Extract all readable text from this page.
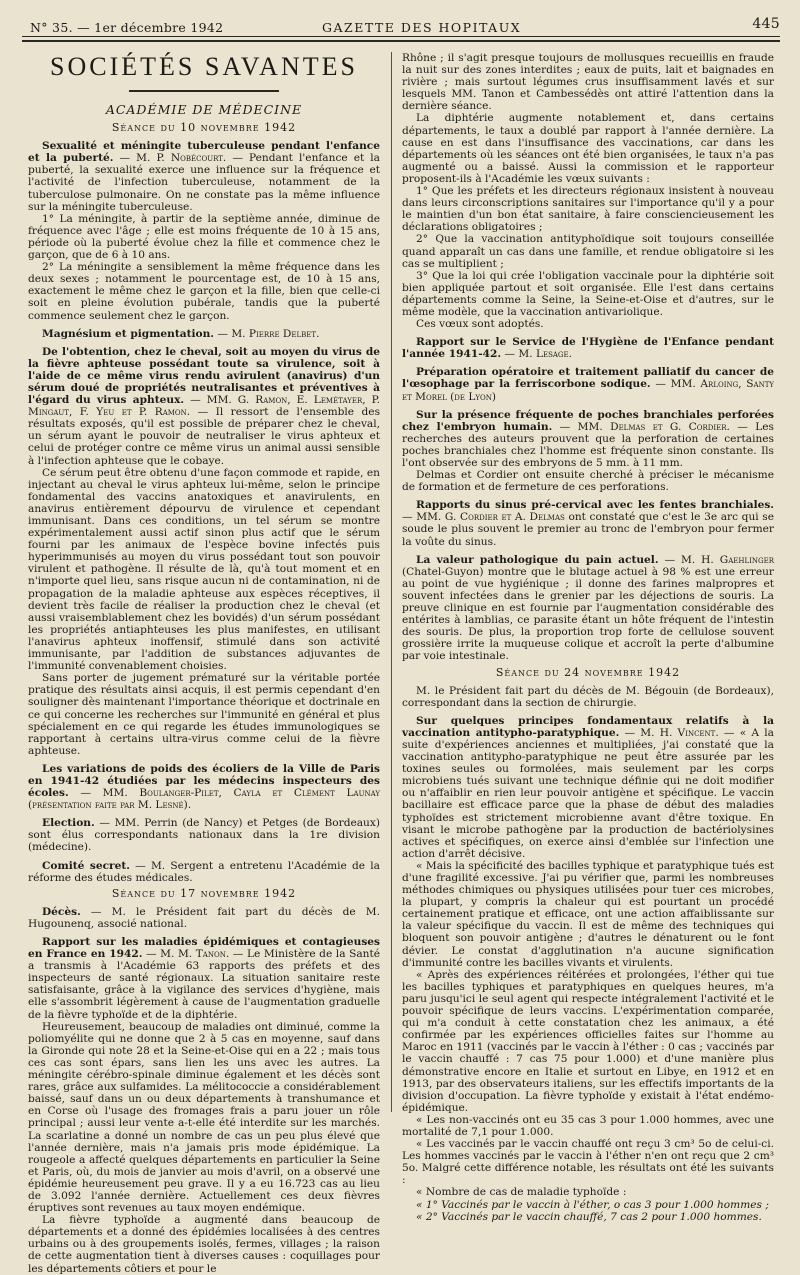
N° 35. — 1er décembre 1942	GAZETTE DES HOPITAUX	445
SOCIÉTÉS SAVANTES
ACADÉMIE DE MÉDECINE
Séance du 10 novembre 1942

Sexualité et méningite tuberculeuse pendant l'enfance et la puberté. — M. P. Nobécourt. — Pendant l'enfance et la puberté, la sexualité exerce une influence sur la fréquence et l'activité de l'infection tuberculeuse, notamment de la tuberculose pulmonaire. On ne constate pas la même influence sur la méningite tuberculeuse.

1° La méningite, à partir de la septième année, diminue de fréquence avec l'âge ; elle est moins fréquente de 10 à 15 ans, période où la puberté évolue chez la fille et commence chez le garçon, que de 6 à 10 ans.

2° La méningite a sensiblement la même fréquence dans les deux sexes ; notamment le pourcentage est, de 10 à 15 ans, exactement le même chez le garçon et la fille, bien que celle-ci soit en pleine évolution pubérale, tandis que la puberté commence seulement chez le garçon.

Magnésium et pigmentation. — M. Pierre Delbet.

De l'obtention, chez le cheval, soit au moyen du virus de la fièvre aphteuse possédant toute sa virulence, soit à l'aide de ce même virus rendu avirulent (anavirus) d'un sérum doué de propriétés neutralisantes et préventives à l'égard du virus aphteux. — MM. G. Ramon, E. Lemétayer, P. Mingaut, F. Yeu et P. Ramon. — Il ressort de l'ensemble des résultats exposés, qu'il est possible de préparer chez le cheval, un sérum ayant le pouvoir de neutraliser le virus aphteux et celui de protéger contre ce même virus un animal aussi sensible à l'infection aphteuse que le cobaye.

Ce sérum peut être obtenu d'une façon commode et rapide, en injectant au cheval le virus aphteux lui-même, selon le principe fondamental des vaccins anatoxiques et anavirulents, en anavirus entièrement dépourvu de virulence et cependant immunisant. Dans ces conditions, un tel sérum se montre expérimentalement aussi actif sinon plus actif que le sérum fourni par les animaux de l'espèce bovine infectés puis hyperimmunisés au moyen du virus possédant tout son pouvoir virulent et pathogène. Il résulte de là, qu'à tout moment et en n'importe quel lieu, sans risque aucun ni de contamination, ni de propagation de la maladie aphteuse aux espèces réceptives, il devient très facile de réaliser la production chez le cheval (et aussi vraisemblablement chez les bovidés) d'un sérum possédant les propriétés antiaphteuses les plus manifestes, en utilisant l'anavirus aphteux inoffensif, stimulé dans son activité immunisante, par l'addition de substances adjuvantes de l'immunité convenablement choisies.

Sans porter de jugement prématuré sur la véritable portée pratique des résultats ainsi acquis, il est permis cependant d'en souligner dès maintenant l'importance théorique et doctrinale en ce qui concerne les recherches sur l'immunité en général et plus spécialement en ce qui regarde les études immunologiques se rapportant à certains ultra-virus comme celui de la fièvre aphteuse.

Les variations de poids des écoliers de la Ville de Paris en 1941-42 étudiées par les médecins inspecteurs des écoles. — MM. Boulanger-Pilet, Cayla et Clément Launay (présentation faite par M. Lesné).

Election. — MM. Perrin (de Nancy) et Petges (de Bordeaux) sont élus correspondants nationaux dans la 1re division (médecine).

Comité secret. — M. Sergent a entretenu l'Académie de la réforme des études médicales.

Séance du 17 novembre 1942

Décès. — M. le Président fait part du décès de M. Hugounenq, associé national.

Rapport sur les maladies épidémiques et contagieuses en France en 1942. — M. M. Tanon. — Le Ministère de la Santé a transmis à l'Académie 63 rapports des préfets et des inspecteurs de santé régionaux. La situation sanitaire reste satisfaisante, grâce à la vigilance des services d'hygiène, mais elle s'assombrit légèrement à cause de l'augmentation graduelle de la fièvre typhoïde et de la diphtérie.

Heureusement, beaucoup de maladies ont diminué, comme la poliomyélite qui ne donne que 2 à 5 cas en moyenne, sauf dans la Gironde qui note 28 et la Seine-et-Oise qui en a 22 ; mais tous ces cas sont épars, sans lien les uns avec les autres. La méningite cérébro-spinale diminue également et les décès sont rares, grâce aux sulfamides. La mélitococcie a considérablement baissé, sauf dans un ou deux départements à transhumance et en Corse où l'usage des fromages frais a paru jouer un rôle principal ; aussi leur vente a-t-elle été interdite sur les marchés. La scarlatine a donné un nombre de cas un peu plus élevé que l'année dernière, mais n'a jamais pris mode épidémique. La rougeole a affecté quelques départements en particulier la Seine et Paris, où, du mois de janvier au mois d'avril, on a observé une épidémie heureusement peu grave. Il y a eu 16.723 cas au lieu de 3.092 l'année dernière. Actuellement ces deux fièvres éruptives sont revenues au taux moyen endémique.

La fièvre typhoïde a augmenté dans beaucoup de départements et a donné des épidémies localisées à des centres urbains ou à des groupements isolés, fermes, villages ; la raison de cette augmentation tient à diverses causes : coquillages pour les départements côtiers et pour le

Rhône ; il s'agit presque toujours de mollusques recueillis en fraude la nuit sur des zones interdites ; eaux de puits, lait et baignades en rivière ; mais surtout légumes crus insuffisamment lavés et sur lesquels MM. Tanon et Cambessédès ont attiré l'attention dans la dernière séance.

La diphtérie augmente notablement et, dans certains départements, le taux a doublé par rapport à l'année dernière. La cause en est dans l'insuffisance des vaccinations, car dans les départements où les séances ont été bien organisées, le taux n'a pas augmenté ou a baissé. Aussi la commission et le rapporteur proposent-ils à l'Académie les vœux suivants :

1° Que les préfets et les directeurs régionaux insistent à nouveau dans leurs circonscriptions sanitaires sur l'importance qu'il y a pour le maintien d'un bon état sanitaire, à faire consciencieusement les déclarations obligatoires ;

2° Que la vaccination antityphoïdique soit toujours conseillée quand apparaît un cas dans une famille, et rendue obligatoire si les cas se multiplient ;

3° Que la loi qui crée l'obligation vaccinale pour la diphtérie soit bien appliquée partout et soit organisée. Elle l'est dans certains départements comme la Seine, la Seine-et-Oise et d'autres, sur le même modèle, que la vaccination antivariolique.

Ces vœux sont adoptés.

Rapport sur le Service de l'Hygiène de l'Enfance pendant l'année 1941-42. — M. Lesage.

Préparation opératoire et traitement palliatif du cancer de l'œsophage par la ferriscorbone sodique. — MM. Arloing, Santy et Morel (de Lyon)

Sur la présence fréquente de poches branchiales perforées chez l'embryon humain. — MM. Delmas et G. Cordier. — Les recherches des auteurs prouvent que la perforation de certaines poches branchiales chez l'homme est fréquente sinon constante. Ils l'ont observée sur des embryons de 5 mm. à 11 mm.

Delmas et Cordier ont ensuite cherché à préciser le mécanisme de formation et de fermeture de ces perforations.

Rapports du sinus pré-cervical avec les fentes branchiales. — MM. G. Cordier et A. Delmas ont constaté que c'est le 3e arc qui se soude le plus souvent le premier au tronc de l'embryon pour fermer la voûte du sinus.

La valeur pathologique du pain actuel. — M. H. Gaehlinger (Chatel-Guyon) montre que le blutage actuel à 98 % est une erreur au point de vue hygiénique ; il donne des farines malpropres et souvent infectées dans le grenier par les déjections de souris. La preuve clinique en est fournie par l'augmentation considérable des entérites à lamblias, ce parasite étant un hôte fréquent de l'intestin des souris. De plus, la proportion trop forte de cellulose souvent grossière irrite la muqueuse colique et accroît la perte d'albumine par voie intestinale.

Séance du 24 novembre 1942

M. le Président fait part du décès de M. Bégouin (de Bordeaux), correspondant dans la section de chirurgie.

Sur quelques principes fondamentaux relatifs à la vaccination antitypho-paratyphique. — M. H. Vincent. — « A la suite d'expériences anciennes et multipliées, j'ai constaté que la vaccination antitypho-paratyphique ne peut être assurée par les toxines seules ou formolées, mais seulement par les corps microbiens tués suivant une technique définie qui ne doit modifier ou n'affaiblir en rien leur pouvoir antigène et spécifique. Le vaccin bacillaire est efficace parce que la phase de début des maladies typhoïdes est strictement microbienne avant d'être toxique. En visant le microbe pathogène par la production de bactériolysines actives et spécifiques, on exerce ainsi d'emblée sur l'infection une action d'arrêt décisive.

« Mais la spécificité des bacilles typhique et paratyphique tués est d'une fragilité excessive. J'ai pu vérifier que, parmi les nombreuses méthodes chimiques ou physiques utilisées pour tuer ces microbes, la plupart, y compris la chaleur qui est pourtant un procédé certainement pratique et efficace, ont une action affaiblissante sur la valeur spécifique du vaccin. Il est de même des techniques qui bloquent son pouvoir antigène ; d'autres le dénaturent ou le font dévier. Le constat d'agglutination n'a aucune signification d'immunité contre les bacilles vivants et virulents.

« Après des expériences réitérées et prolongées, l'éther qui tue les bacilles typhiques et paratyphiques en quelques heures, m'a paru jusqu'ici le seul agent qui respecte intégralement l'activité et le pouvoir spécifique de leurs vaccins. L'expérimentation comparée, qui m'a conduit à cette constatation chez les animaux, a été confirmée par les expériences officielles faites sur l'homme au Maroc en 1911 (vaccinés par le vaccin à l'éther : 0 cas ; vaccinés par le vaccin chauffé : 7 cas 75 pour 1.000) et d'une manière plus démonstrative encore en Italie et surtout en Libye, en 1912 et en 1913, par des observateurs italiens, sur les effectifs importants de la division d'occupation. La fièvre typhoïde y existait à l'état endémo-épidémique.

« Les non-vaccinés ont eu 35 cas 3 pour 1.000 hommes, avec une mortalité de 7,1 pour 1.000.

« Les vaccinés par le vaccin chauffé ont reçu 3 cm³ 5o de celui-ci. Les hommes vaccinés par le vaccin à l'éther n'en ont reçu que 2 cm³ 5o. Malgré cette différence notable, les résultats ont été les suivants :

« Nombre de cas de maladie typhoïde :

« 1° Vaccinés par le vaccin à l'éther, o cas 3 pour 1.000 hommes ;

« 2° Vaccinés par le vaccin chauffé, 7 cas 2 pour 1.000 hommes.
